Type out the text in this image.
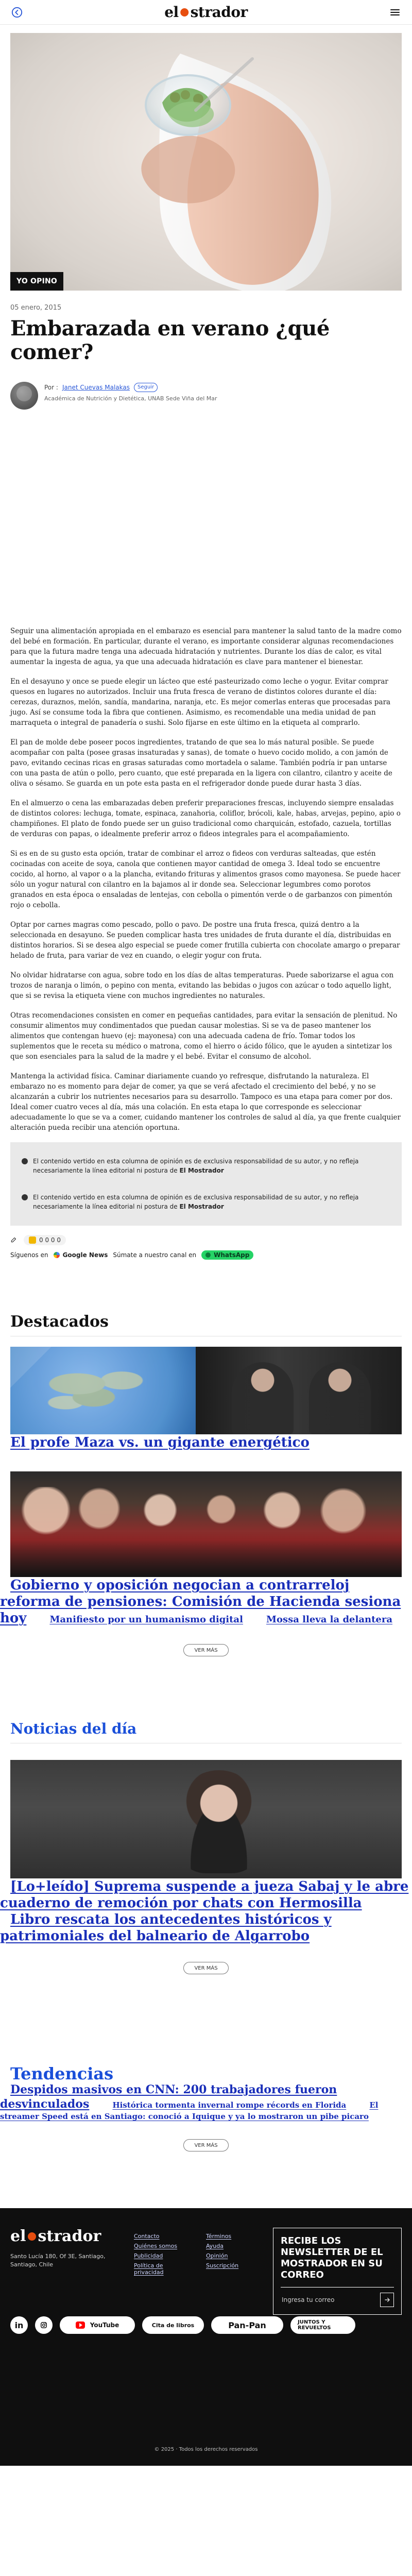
el strador
YO OPINO
05 enero, 2015
Embarazada en verano ¿qué comer?
Por : Janet Cuevas Malakas	Seguir
Académica de Nutrición y Dietética, UNAB Sede Viña del Mar

Seguir una alimentación apropiada en el embarazo es esencial para mantener la salud tanto de la madre como del bebé en formación. En particular, durante el verano, es importante considerar algunas recomendaciones para que la futura madre tenga una adecuada hidratación y nutrientes. Durante los días de calor, es vital aumentar la ingesta de agua, ya que una adecuada hidratación es clave para mantener el bienestar.

En el desayuno y once se puede elegir un lácteo que esté pasteurizado como leche o yogur. Evitar comprar quesos en lugares no autorizados. Incluir una fruta fresca de verano de distintos colores durante el día: cerezas, duraznos, melón, sandía, mandarina, naranja, etc. Es mejor comerlas enteras que procesadas para jugo. Así se consume toda la fibra que contienen. Asimismo, es recomendable una media unidad de pan marraqueta o integral de panadería o sushi. Solo fíjarse en este último en la etiqueta al comprarlo.

El pan de molde debe poseer pocos ingredientes, tratando de que sea lo más natural posible. Se puede acompañar con palta (posee grasas insaturadas y sanas), de tomate o huevo cocido molido, a con jamón de pavo, evitando cecinas ricas en grasas saturadas como mortadela o salame. También podría ir pan untarse con una pasta de atún o pollo, pero cuanto, que esté preparada en la ligera con cilantro, cilantro y aceite de oliva o sésamo. Se guarda en un pote esta pasta en el refrigerador donde puede durar hasta 3 días.

En el almuerzo o cena las embarazadas deben preferir preparaciones frescas, incluyendo siempre ensaladas de distintos colores: lechuga, tomate, espinaca, zanahoria, coliflor, brócoli, kale, habas, arvejas, pepino, apio o champiñones. El plato de fondo puede ser un guiso tradicional como charquicán, estofado, cazuela, tortillas de verduras con papas, o idealmente preferir arroz o fideos integrales para el acompañamiento.

Si es en de su gusto esta opción, tratar de combinar el arroz o fideos con verduras salteadas, que estén cocinadas con aceite de soya, canola que contienen mayor cantidad de omega 3. Ideal todo se encuentre cocido, al horno, al vapor o a la plancha, evitando frituras y alimentos grasos como mayonesa. Se puede hacer sólo un yogur natural con cilantro en la bajamos al ir donde sea. Seleccionar legumbres como porotos granados en esta época o ensaladas de lentejas, con cebolla o pimentón verde o de garbanzos con pimentón rojo o cebolla.

Optar por carnes magras como pescado, pollo o pavo. De postre una fruta fresca, quizá dentro a la seleccionada en desayuno. Se pueden complicar hasta tres unidades de fruta durante el día, distribuidas en distintos horarios. Si se desea algo especial se puede comer frutilla cubierta con chocolate amargo o preparar helado de fruta, para variar de vez en cuando, o elegir yogur con fruta.

No olvidar hidratarse con agua, sobre todo en los días de altas temperaturas. Puede saborizarse el agua con trozos de naranja o limón, o pepino con menta, evitando las bebidas o jugos con azúcar o todo aquello light, que si se revisa la etiqueta viene con muchos ingredientes no naturales.

Otras recomendaciones consisten en comer en pequeñas cantidades, para evitar la sensación de plenitud. No consumir alimentos muy condimentados que puedan causar molestias. Si se va de paseo mantener los alimentos que contengan huevo (ej: mayonesa) con una adecuada cadena de frío. Tomar todos los suplementos que le receta su médico o matrona, como el hierro o ácido fólico, que le ayuden a sintetizar los que son esenciales para la salud de la madre y el bebé. Evitar el consumo de alcohol.

Mantenga la actividad física. Caminar diariamente cuando yo refresque, disfrutando la naturaleza. El embarazo no es momento para dejar de comer, ya que se verá afectado el crecimiento del bebé, y no se alcanzarán a cubrir los nutrientes necesarios para su desarrollo. Tampoco es una etapa para comer por dos. Ideal comer cuatro veces al día, más una colación. En esta etapa lo que corresponde es seleccionar adecuadamente lo que se va a comer, cuidando mantener los controles de salud al día, ya que frente cualquier alteración pueda recibir una atención oportuna.

El contenido vertido en esta columna de opinión es de exclusiva responsabilidad de su autor, y no refleja necesariamente la línea editorial ni postura de El Mostrador
El contenido vertido en esta columna de opinión es de exclusiva responsabilidad de su autor, y no refleja necesariamente la línea editorial ni postura de El Mostrador
0 0 0 0
Síguenos en Google News Súmate a nuestro canal en	WhatsApp
Destacados
El profe Maza vs. un gigante energético
Gobierno y oposición negocian a contrarreloj reforma de pensiones: Comisión de Hacienda sesiona hoy	Manifiesto por un humanismo digital	Mossa lleva la delantera
VER MÁS
Noticias del día
[Lo+leído] Suprema suspende a jueza Sabaj y le abre cuaderno de remoción por chats con Hermosilla Libro rescata los antecedentes históricos y patrimoniales del balneario de Algarrobo
VER MÁS
Tendencias
Despidos masivos en CNN: 200 trabajadores fueron desvinculados	Histórica tormenta invernal rompe récords en Florida	El streamer Speed está en Santiago: conoció a Iquique y ya lo mostraron un pibe picaro
VER MÁS
el strador
Santo Lucía 180, Of 3E, Santiago, Santiago, Chile
Contacto	Términos
Quiénes somos	Ayuda
Publicidad	Opinión
Política de privacidad
Suscripción
RECIBE LOS NEWSLETTER DE EL MOSTRADOR EN SU CORREO
Ingresa tu correo
in	YouTube	Cita de libros	Pan-Pan	JUNTOS Y REVUELTOS
© 2025 · Todos los derechos reservados
